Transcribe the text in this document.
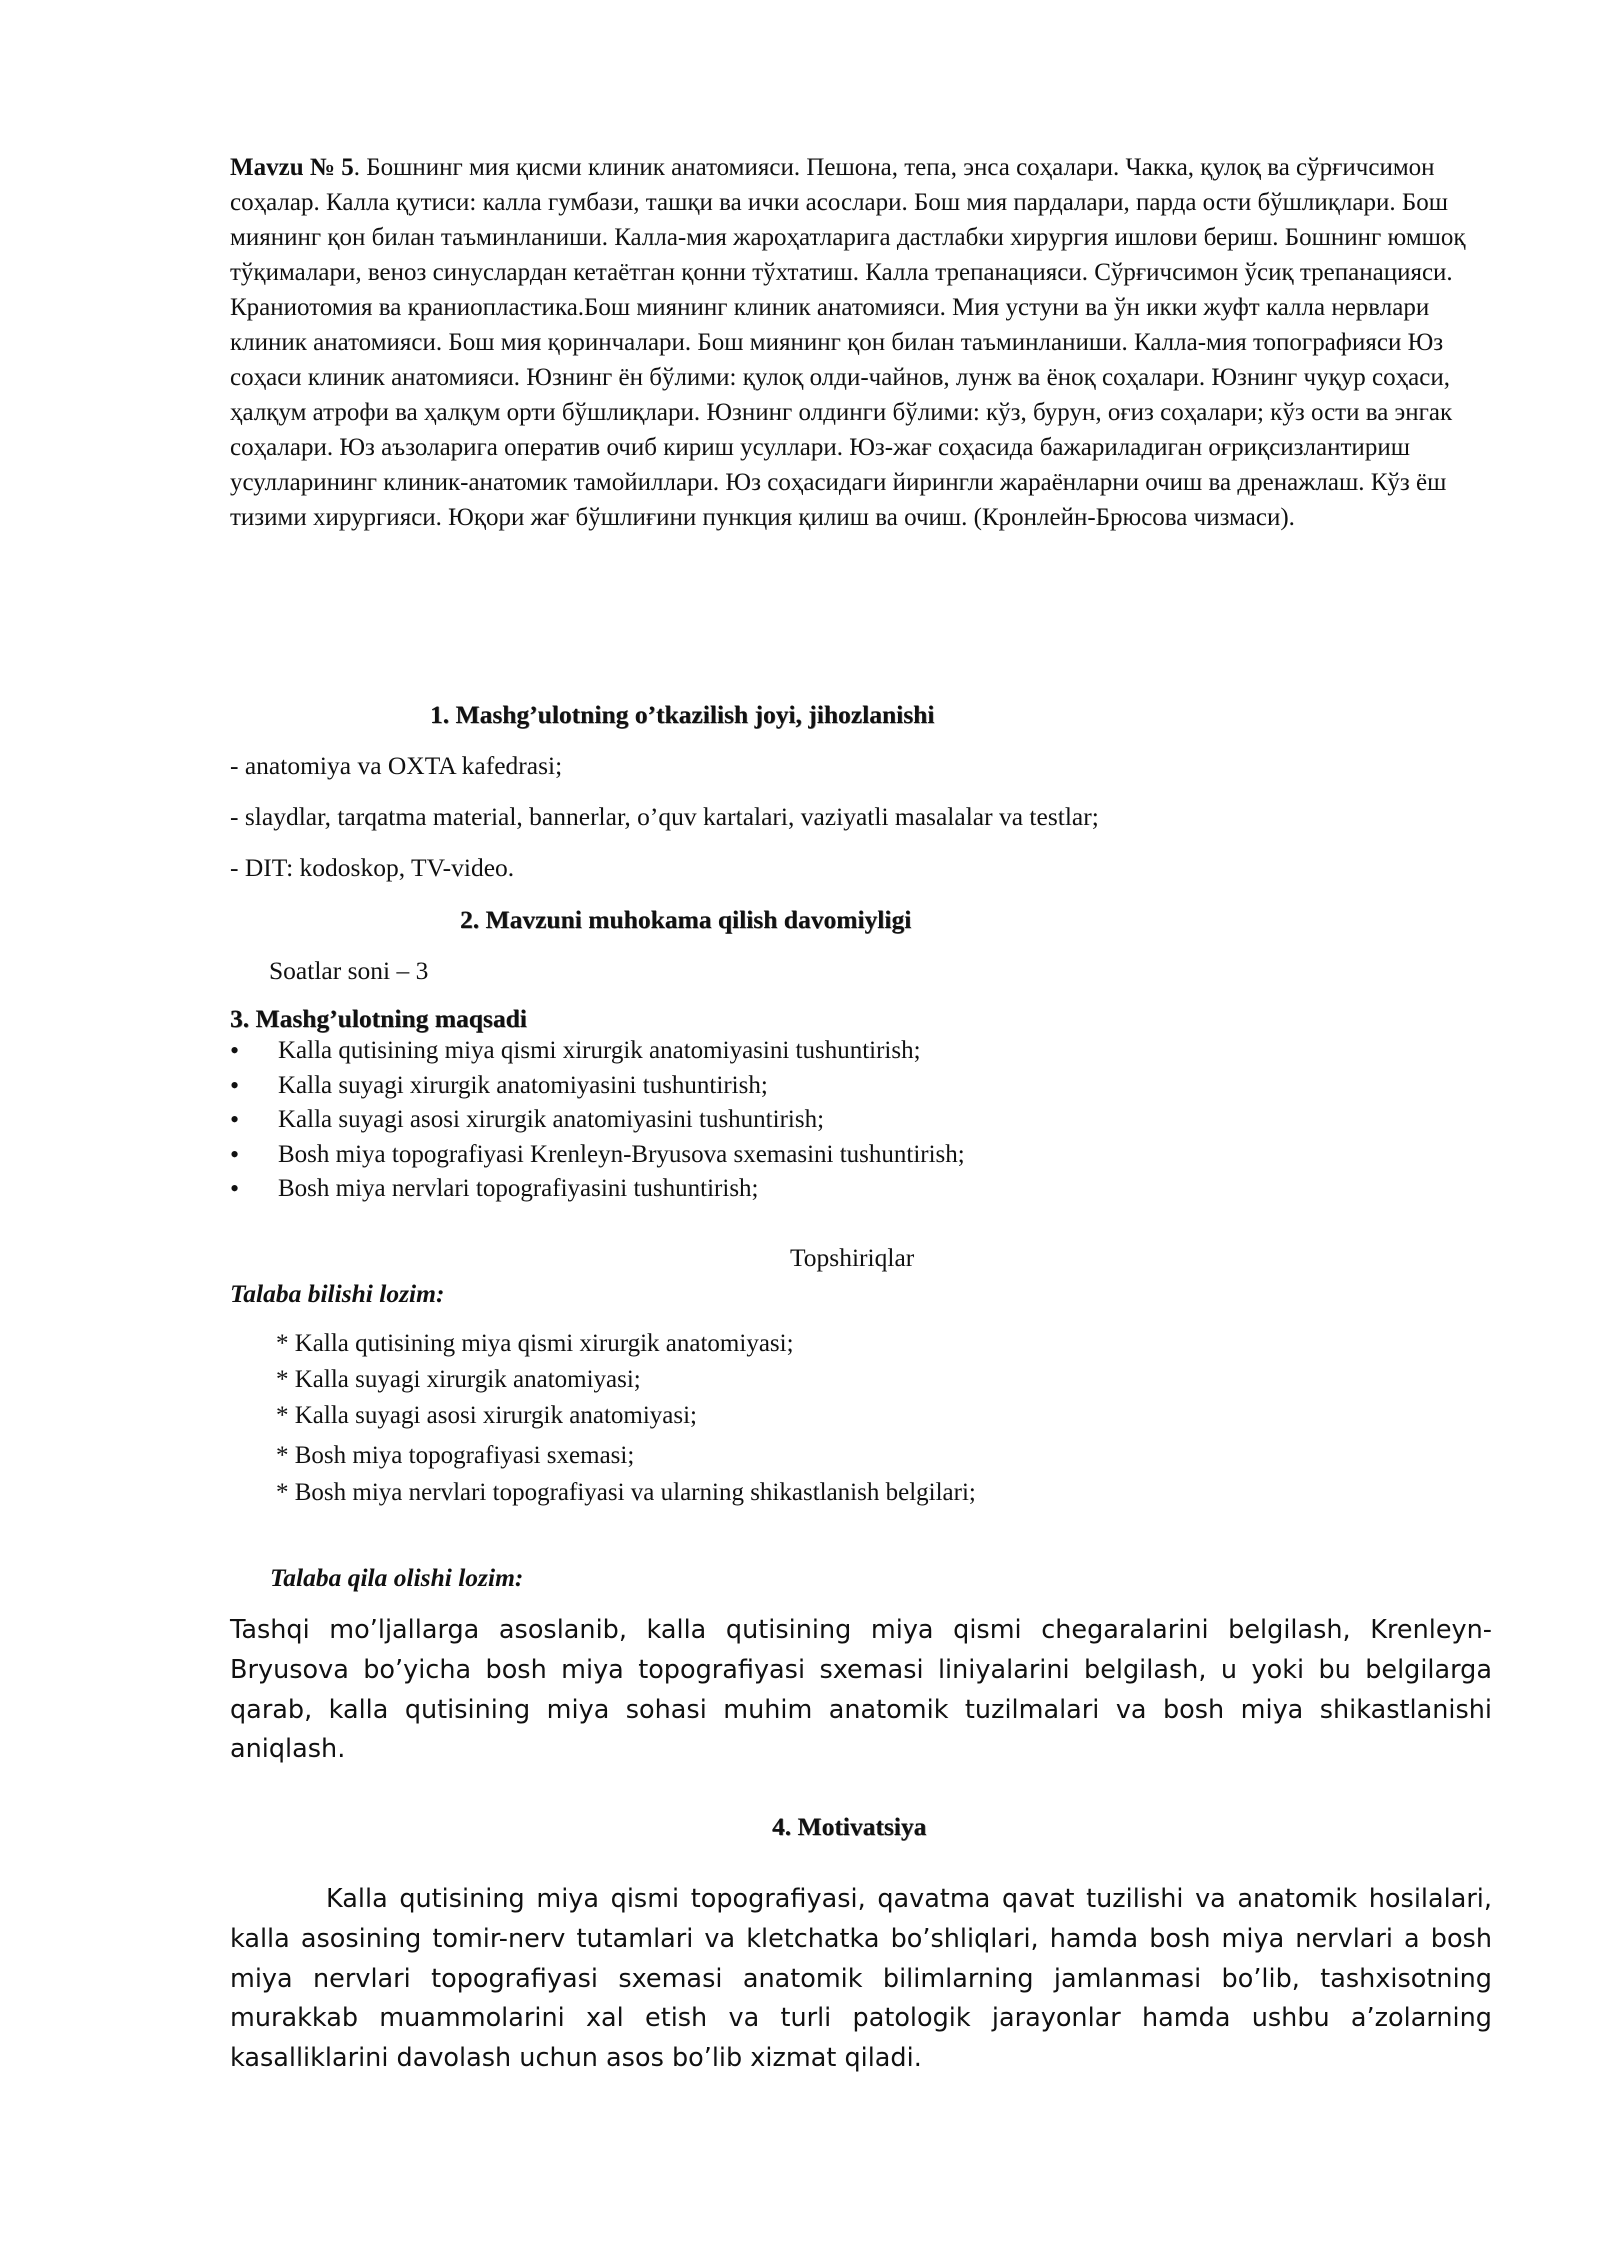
Mavzu № 5. Бошнинг мия қисми клиник анатомияси. Пешона, тепа, энса соҳалари. Чакка, қулоқ ва сўрғичсимон соҳалар. Калла қутиси: калла гумбази, ташқи ва ички асослари. Бош мия пардалари, парда ости бўшлиқлари. Бош миянинг қон билан таъминланиши. Калла-мия жароҳатларига дастлабки хирургия ишлови бериш. Бошнинг юмшоқ тўқималари, веноз синуслардан кетаётган қонни тўхтатиш. Калла трепанацияси. Сўрғичсимон ўсиқ трепанацияси. Краниотомия ва краниопластика.Бош миянинг клиник анатомияси. Мия устуни ва ўн икки жуфт калла нервлари клиник анатомияси. Бош мия қоринчалари. Бош миянинг қон билан таъминланиши. Калла-мия топографияси Юз соҳаси клиник анатомияси. Юзнинг ён бўлими: қулоқ олди-чайнов, лунж ва ёноқ соҳалари. Юзнинг чуқур соҳаси, ҳалқум атрофи ва ҳалқум орти бўшлиқлари. Юзнинг олдинги бўлими: кўз, бурун, оғиз соҳалари; кўз ости ва энгак соҳалари. Юз аъзоларига оператив очиб кириш усуллари. Юз-жағ соҳасида бажариладиган оғриқсизлантириш усулларининг клиник-анатомик тамойиллари. Юз соҳасидаги йирингли жараёнларни очиш ва дренажлаш. Кўз ёш тизими хирургияси. Юқори жағ бўшлиғини пункция қилиш ва очиш. (Кронлейн-Брюсова чизмаси).
1. Mashg’ulotning o’tkazilish joyi, jihozlanishi
- anatomiya va OXTA kafedrasi;
- slaydlar, tarqatma material, bannerlar, o’quv kartalari, vaziyatli masalalar va testlar;
- DIT: kodoskop, TV-video.
2. Mavzuni muhokama qilish davomiyligi
Soatlar soni – 3
3. Mashg’ulotning maqsadi
• Kalla qutisining miya qismi xirurgik anatomiyasini tushuntirish;
• Kalla suyagi xirurgik anatomiyasini tushuntirish;
• Kalla suyagi asosi xirurgik anatomiyasini tushuntirish;
• Bosh miya topografiyasi Krenleyn-Bryusova sxemasini tushuntirish;
• Bosh miya nervlari topografiyasini tushuntirish;
Topshiriqlar
Talaba bilishi lozim:
* Kalla qutisining miya qismi xirurgik anatomiyasi;
* Kalla suyagi xirurgik anatomiyasi;
* Kalla suyagi asosi xirurgik anatomiyasi;
* Bosh miya topografiyasi sxemasi;
* Bosh miya nervlari topografiyasi va ularning shikastlanish belgilari;
Talaba qila olishi lozim:
Tashqi mo’ljallarga asoslanib, kalla qutisining miya qismi chegaralarini belgilash, Krenleyn-Bryusova bo’yicha bosh miya topografiyasi sxemasi liniyalarini belgilash, u yoki bu belgilarga qarab, kalla qutisining miya sohasi muhim anatomik tuzilmalari va bosh miya shikastlanishi aniqlash.
4. Motivatsiya
Kalla qutisining miya qismi topografiyasi, qavatma qavat tuzilishi va anatomik hosilalari, kalla asosining tomir-nerv tutamlari va kletchatka bo’shliqlari, hamda bosh miya nervlari a bosh miya nervlari topografiyasi sxemasi anatomik bilimlarning jamlanmasi bo’lib, tashxisotning murakkab muammolarini xal etish va turli patologik jarayonlar hamda ushbu a’zolarning kasalliklarini davolash uchun asos bo’lib xizmat qiladi.
